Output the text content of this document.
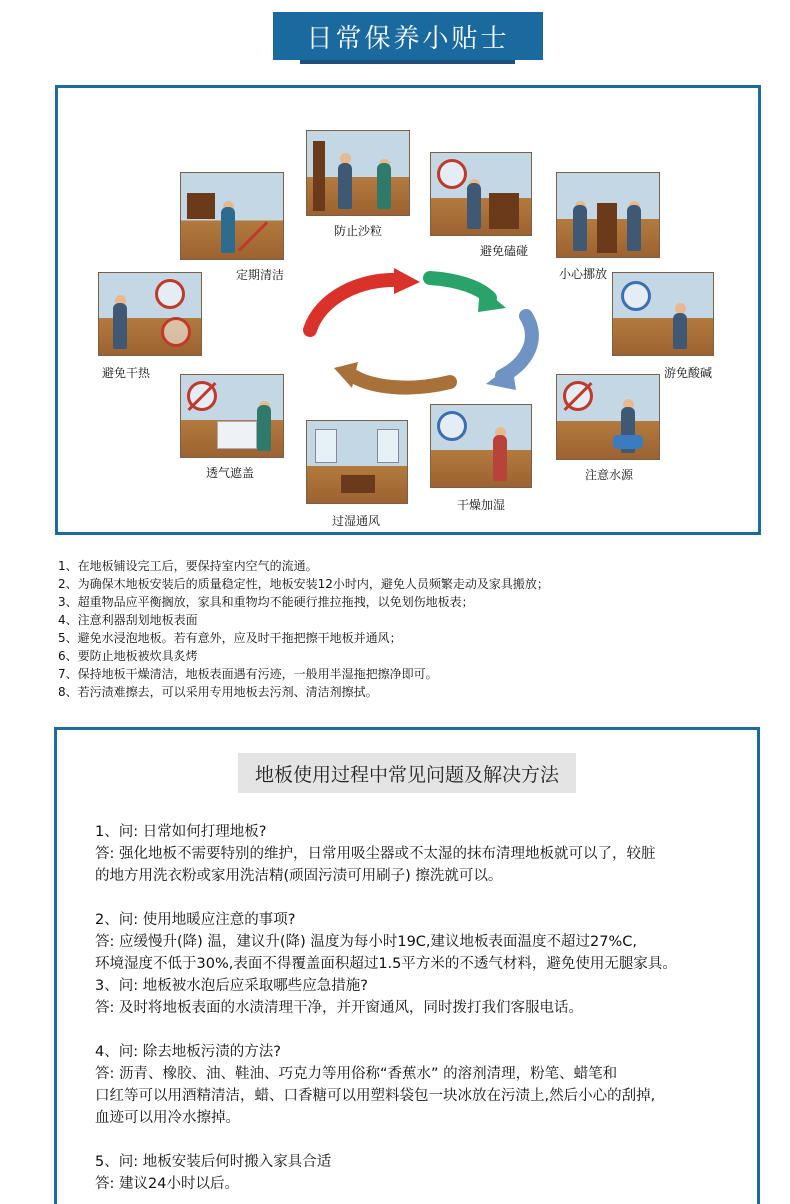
日常保养小贴士
防止沙粒
避免磕碰
小心挪放
定期清洁
避免干热	游免酸碱
透气遮盖	注意水源
过湿通风
干燥加湿
1、在地板铺设完工后，要保持室内空气的流通。
2、为确保木地板安装后的质量稳定性，地板安装12小时内，避免人员频繁走动及家具搬放；
3、超重物品应平衡搁放，家具和重物均不能硬行推拉拖拽，以免划伤地板表；
4、注意利器刮划地板表面
5、避免水浸泡地板。若有意外，应及时干拖把擦干地板并通风；
6、要防止地板被炊具炙烤
7、保持地板干燥清洁，地板表面遇有污迹，一般用半湿拖把擦净即可。
8、若污渍难擦去，可以采用专用地板去污剂、清洁剂擦拭。
地板使用过程中常见问题及解决方法
1、问: 日常如何打理地板?
答: 强化地板不需要特别的维护，日常用吸尘器或不太湿的抹布清理地板就可以了，较脏
的地方用洗衣粉或家用洗洁精(顽固污渍可用刷子) 擦洗就可以。
2、问: 使用地暖应注意的事项?
答: 应缓慢升(降) 温，建议升(降) 温度为每小时19C,建议地板表面温度不超过27%C,
环境湿度不低于30%,表面不得覆盖面积超过1.5平方米的不透气材料，避免使用无腿家具。
3、问: 地板被水泡后应采取哪些应急措施?
答: 及时将地板表面的水渍清理干净，并开窗通风，同时拨打我们客服电话。
4、问: 除去地板污渍的方法?
答: 沥青、橡胶、油、鞋油、巧克力等用俗称“香蕉水” 的溶剂清理，粉笔、蜡笔和
口红等可以用酒精清洁，蜡、口香糖可以用塑料袋包一块冰放在污渍上,然后小心的刮掉,
血迹可以用冷水擦掉。
5、问: 地板安装后何时搬入家具合适
答: 建议24小时以后。
